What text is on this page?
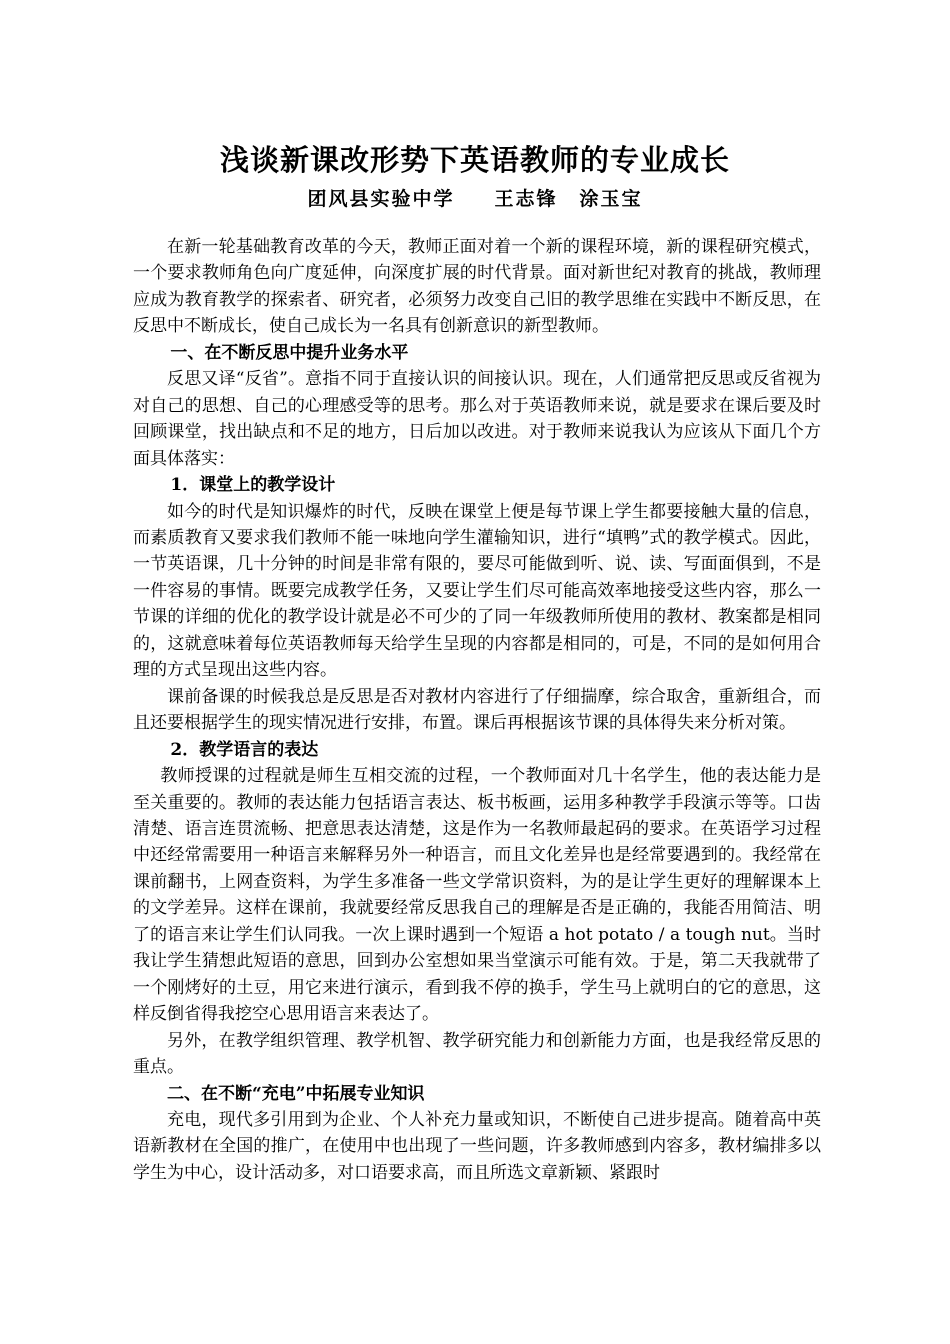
浅谈新课改形势下英语教师的专业成长

团风县实验中学 王志锋 涂玉宝

在新一轮基础教育改革的今天，教师正面对着一个新的课程环境，新的课程研究模式，一个要求教师角色向广度延伸，向深度扩展的时代背景。面对新世纪对教育的挑战，教师理应成为教育教学的探索者、研究者，必须努力改变自己旧的教学思维在实践中不断反思，在反思中不断成长，使自己成长为一名具有创新意识的新型教师。

一、在不断反思中提升业务水平

反思又译“反省”。意指不同于直接认识的间接认识。现在，人们通常把反思或反省视为对自己的思想、自己的心理感受等的思考。那么对于英语教师来说，就是要求在课后要及时回顾课堂，找出缺点和不足的地方，日后加以改进。对于教师来说我认为应该从下面几个方面具体落实：

1．课堂上的教学设计

如今的时代是知识爆炸的时代，反映在课堂上便是每节课上学生都要接触大量的信息，而素质教育又要求我们教师不能一味地向学生灌输知识，进行“填鸭”式的教学模式。因此，一节英语课，几十分钟的时间是非常有限的，要尽可能做到听、说、读、写面面俱到，不是一件容易的事情。既要完成教学任务，又要让学生们尽可能高效率地接受这些内容，那么一节课的详细的优化的教学设计就是必不可少的了同一年级教师所使用的教材、教案都是相同的，这就意味着每位英语教师每天给学生呈现的内容都是相同的，可是，不同的是如何用合理的方式呈现出这些内容。

课前备课的时候我总是反思是否对教材内容进行了仔细揣摩，综合取舍，重新组合，而且还要根据学生的现实情况进行安排，布置。课后再根据该节课的具体得失来分析对策。

2．教学语言的表达

教师授课的过程就是师生互相交流的过程，一个教师面对几十名学生，他的表达能力是至关重要的。教师的表达能力包括语言表达、板书板画，运用多种教学手段演示等等。口齿清楚、语言连贯流畅、把意思表达清楚，这是作为一名教师最起码的要求。在英语学习过程中还经常需要用一种语言来解释另外一种语言，而且文化差异也是经常要遇到的。我经常在课前翻书，上网查资料，为学生多准备一些文学常识资料，为的是让学生更好的理解课本上的文学差异。这样在课前，我就要经常反思我自己的理解是否是正确的，我能否用简洁、明了的语言来让学生们认同我。一次上课时遇到一个短语 a hot potato / a tough nut。当时我让学生猜想此短语的意思，回到办公室想如果当堂演示可能有效。于是，第二天我就带了一个刚烤好的土豆，用它来进行演示，看到我不停的换手，学生马上就明白的它的意思，这样反倒省得我挖空心思用语言来表达了。

另外，在教学组织管理、教学机智、教学研究能力和创新能力方面，也是我经常反思的重点。

二、在不断“充电”中拓展专业知识

充电，现代多引用到为企业、个人补充力量或知识，不断使自己进步提高。随着高中英语新教材在全国的推广，在使用中也出现了一些问题，许多教师感到内容多，教材编排多以学生为中心，设计活动多，对口语要求高，而且所选文章新颖、紧跟时
